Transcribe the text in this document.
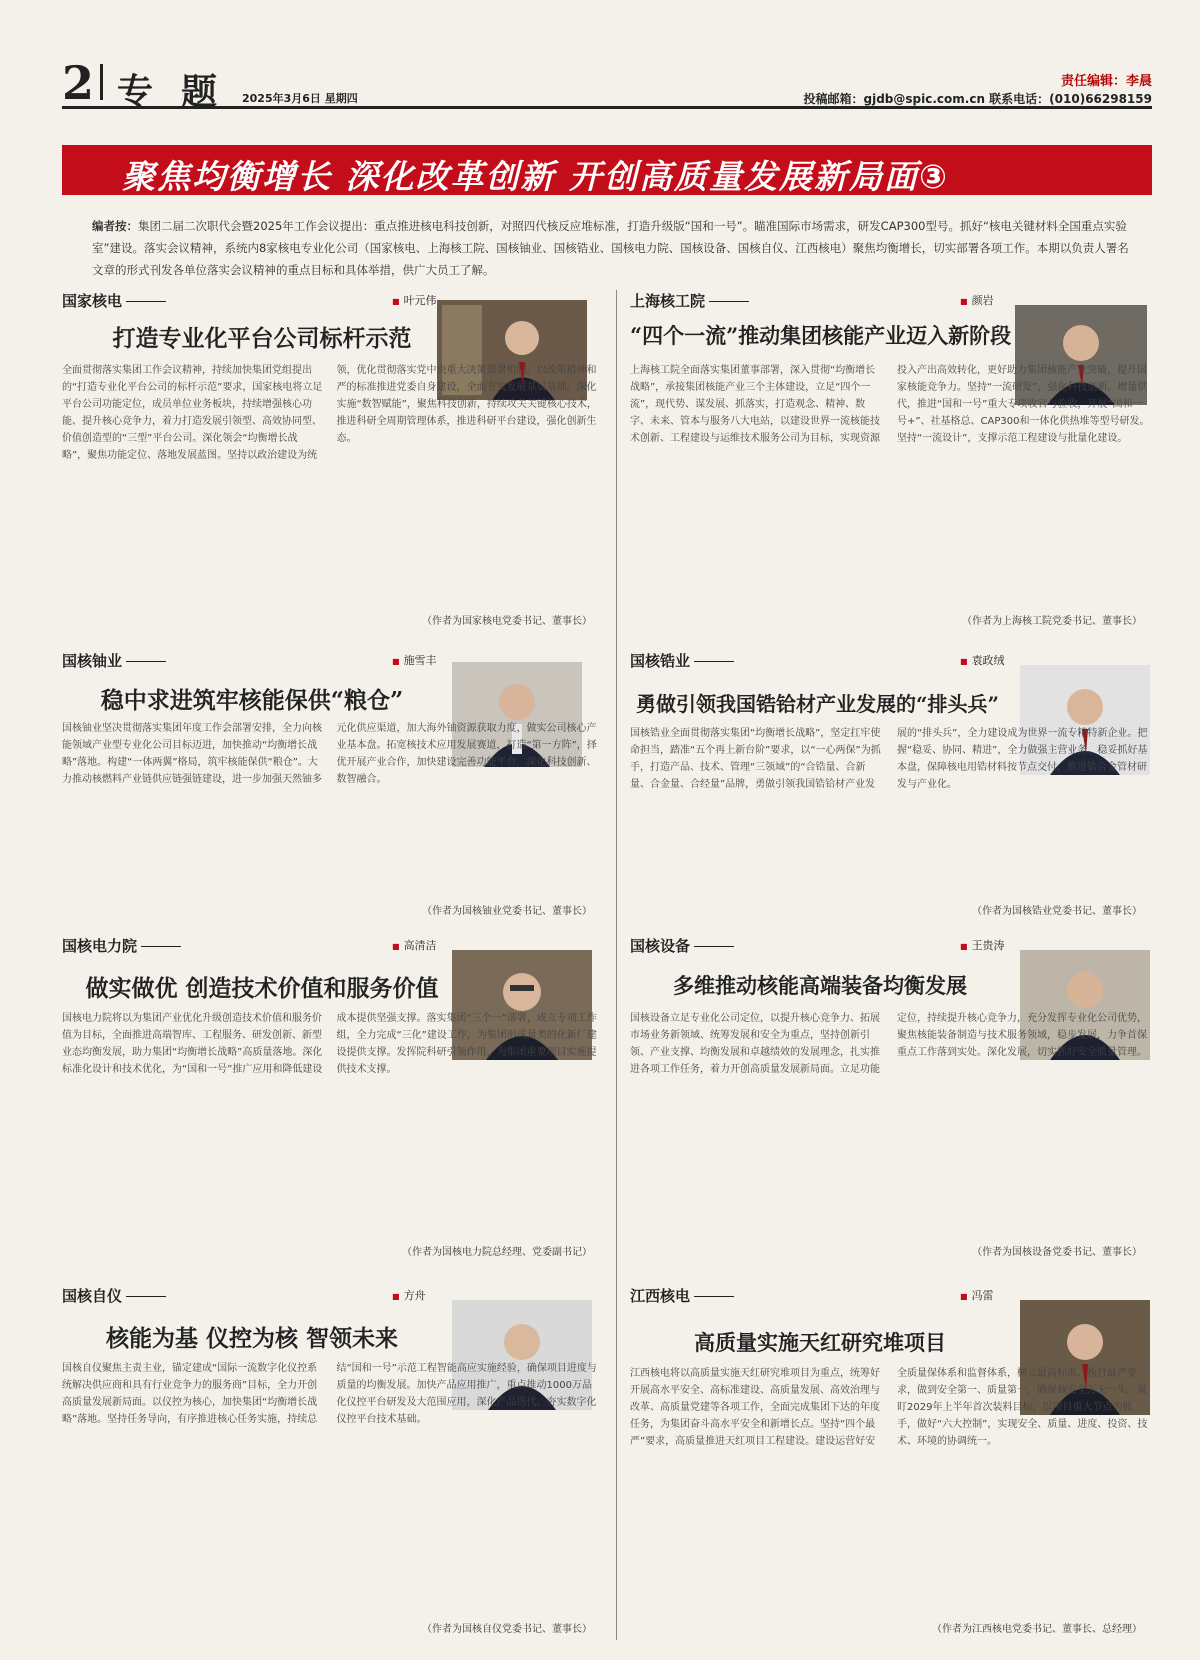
2 专题
2025年3月6日 星期四
责任编辑：李晨
投稿邮箱：gjdb@spic.com.cn 联系电话：(010)66298159
聚焦均衡增长 深化改革创新 开创高质量发展新局面③
编者按：集团二届二次职代会暨2025年工作会议提出：重点推进核电科技创新，对照四代核反应堆标准，打造升级版“国和一号”。瞄准国际市场需求，研发CAP300型号。抓好“核电关键材料全国重点实验室”建设。落实会议精神，系统内8家核电专业化公司（国家核电、上海核工院、国核铀业、国核锆业、国核电力院、国核设备、国核自仪、江西核电）聚焦均衡增长，切实部署各项工作。本期以负责人署名文章的形式刊发各单位落实会议精神的重点目标和具体举措，供广大员工了解。
国家核电	■ 叶元伟
打造专业化平台公司标杆示范
全面贯彻落实集团工作会议精神，持续加快集团党组提出的“打造专业化平台公司的标杆示范”要求，国家核电将立足平台公司功能定位，成员单位业务板块，持续增强核心功能、提升核心竞争力，着力打造发展引领型、高效协同型、价值创造型的“三型”平台公司。深化领会“均衡增长战略”，聚焦功能定位、落地发展蓝图。坚持以政治建设为统领，优化贯彻落实党中央重大决策部署机制，以改革精神和严的标准推进党委自身建设，全面夯实发展基层基础。深化实施“数智赋能”，聚焦科技创新，持续攻关关键核心技术，推进科研全周期管理体系，推进科研平台建设，强化创新生态。
（作者为国家核电党委书记、董事长）
国核铀业	■ 施雪丰
稳中求进筑牢核能保供“粮仓”
国核铀业坚决贯彻落实集团年度工作会部署安排，全力向核能领域产业型专业化公司目标迈进，加快推动“均衡增长战略”落地。构建“一体两翼”格局，筑牢核能保供“粮仓”。大力推动核燃料产业链供应链强链建设，进一步加强天然铀多元化供应渠道，加大海外铀资源获取力度，做实公司核心产业基本盘。拓宽核技术应用发展赛道，打造“第一方阵”，择优开展产业合作，加快建设完善功能平台，深化科技创新、数智融合。
（作者为国核铀业党委书记、董事长）
国核电力院	■ 高清洁
做实做优 创造技术价值和服务价值
国核电力院将以为集团产业优化升级创造技术价值和服务价值为目标，全面推进高端智库、工程服务、研发创新、新型业态均衡发展，助力集团“均衡增长战略”高质量落地。深化标准化设计和技术优化，为“国和一号”推广应用和降低建设成本提供坚强支撑。落实集团“三个一”部署，成立专项工作组，全力完成“三化”建设工作，为集团形成量类的化新厂建设提供支撑。发挥院科研引领作用，为集团重要项目实施提供技术支撑。
（作者为国核电力院总经理、党委副书记）
国核自仪	■ 方舟
核能为基 仪控为核 智领未来
国核自仪聚焦主责主业，锚定建成“国际一流数字化仪控系统解决供应商和具有行业竞争力的服务商”目标，全力开创高质量发展新局面。以仪控为核心，加快集团“均衡增长战略”落地。坚持任务导向，有序推进核心任务实施，持续总结“国和一号”示范工程智能高应实施经验，确保项目进度与质量的均衡发展。加快产品应用推广，重点推动1000万品化仪控平台研发及大范围应用，深化产品迭代，夯实数字化仪控平台技术基础。
（作者为国核自仪党委书记、董事长）
上海核工院	■ 颜岩
“四个一流”推动集团核能产业迈入新阶段
上海核工院全面落实集团董事部署，深入贯彻“均衡增长战略”，承接集团核能产业三个主体建设，立足“四个一流”，现代势、谋发展、抓落实，打造观念、精神、数字、未来、管本与服务八大电站，以建设世界一流核能技术创新、工程建设与运维技术服务公司为目标，实现资源投入产出高效转化，更好助力集团核能产业突破，提升国家核能竞争力。坚持“一流研发”，强化科技创新。增量供代，推进“国和一号”重大专项收官与验收，开展“国和一号+”、社基格总、CAP300和一体化供热堆等型号研发。坚持“一流设计”，支撑示范工程建设与批量化建设。
（作者为上海核工院党委书记、董事长）
国核锆业	■ 袁政绒
勇做引领我国锆铪材产业发展的“排头兵”
国核锆业全面贯彻落实集团“均衡增长战略”，坚定扛牢使命担当，踏准“五个再上新台阶”要求，以“一心两保”为抓手，打造产品、技术、管理“三领域”的“合锆量、合新量、合金量、合经量”品牌，勇做引领我国锆铪材产业发展的“排头兵”，全力建设成为世界一流专精特新企业。把握“稳妥、协同、精进”，全力做强主营业务。稳妥抓好基本盘，保障核电用锆材料按节点交付，推进锆合金管材研发与产业化。
（作者为国核锆业党委书记、董事长）
国核设备	■ 王贵涛
多维推动核能高端装备均衡发展
国核设备立足专业化公司定位，以提升核心竞争力、拓展市场业务新领域、统筹发展和安全为重点，坚持创新引领、产业支撑、均衡发展和卓越绩效的发展理念，扎实推进各项工作任务，着力开创高质量发展新局面。立足功能定位，持续提升核心竞争力，充分发挥专业化公司优势，聚焦核能装备制造与技术服务领域，稳步发展，力争首保重点工作落到实处。深化发展，切实抓好安全质量管理。
（作者为国核设备党委书记、董事长）
江西核电	■ 冯雷
高质量实施天红研究堆项目
江西核电将以高质量实施天红研究堆项目为重点，统筹好开展高水平安全、高标准建设、高质量发展、高效治理与改革、高质量党建等各项工作，全面完成集团下达的年度任务，为集团奋斗高水平安全和新增长点。坚持“四个最严”要求，高质量推进天红项目工程建设。建设运营好安全质量保体系和监督体系，树立最高标准、执行最严要求，做到安全第一、质量第一，确保核安全万无一失。紧盯2029年上半年首次装料目标，以项目重大节点为抓手，做好“六大控制”，实现安全、质量、进度、投资、技术、环境的协调统一。
（作者为江西核电党委书记、董事长、总经理）
